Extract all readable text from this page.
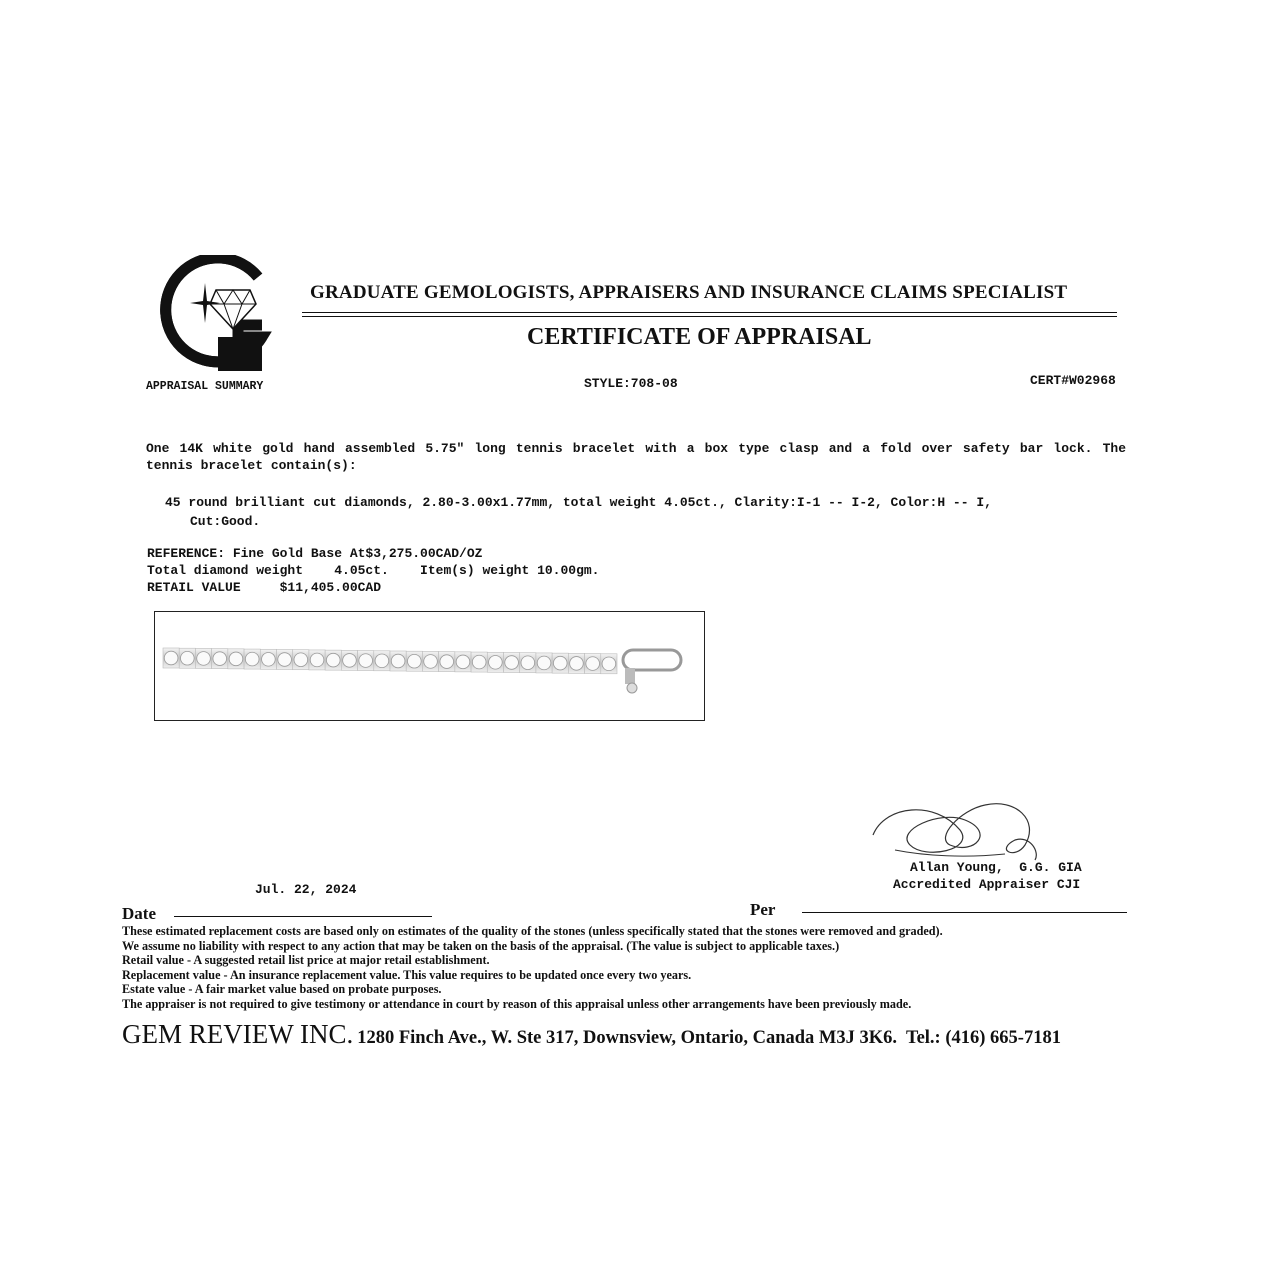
GRADUATE GEMOLOGISTS, APPRAISERS AND INSURANCE CLAIMS SPECIALIST
CERTIFICATE OF APPRAISAL
APPRAISAL SUMMARY	STYLE:708-08	CERT#W02968
One 14K white gold hand assembled 5.75" long tennis bracelet with a box type clasp and a fold over safety bar lock. The tennis bracelet contain(s):
45 round brilliant cut diamonds, 2.80-3.00x1.77mm, total weight 4.05ct., Clarity:I-1 -- I-2, Color:H -- I,
Cut:Good.
REFERENCE: Fine Gold Base At$3,275.00CAD/OZ
Total diamond weight    4.05ct.    Item(s) weight 10.00gm.
RETAIL VALUE     $11,405.00CAD
Allan Young,  G.G. GIA
Accredited Appraiser CJI
Jul. 22, 2024
Date	Per
These estimated replacement costs are based only on estimates of the quality of the stones (unless specifically stated that the stones were removed and graded).
We assume no liability with respect to any action that may be taken on the basis of the appraisal. (The value is subject to applicable taxes.)
Retail value - A suggested retail list price at major retail establishment.
Replacement value - An insurance replacement value. This value requires to be updated once every two years.
Estate value - A fair market value based on probate purposes.
The appraiser is not required to give testimony or attendance in court by reason of this appraisal unless other arrangements have been previously made.
GEM REVIEW INC. 1280 Finch Ave., W. Ste 317, Downsview, Ontario, Canada M3J 3K6.  Tel.: (416) 665-7181
